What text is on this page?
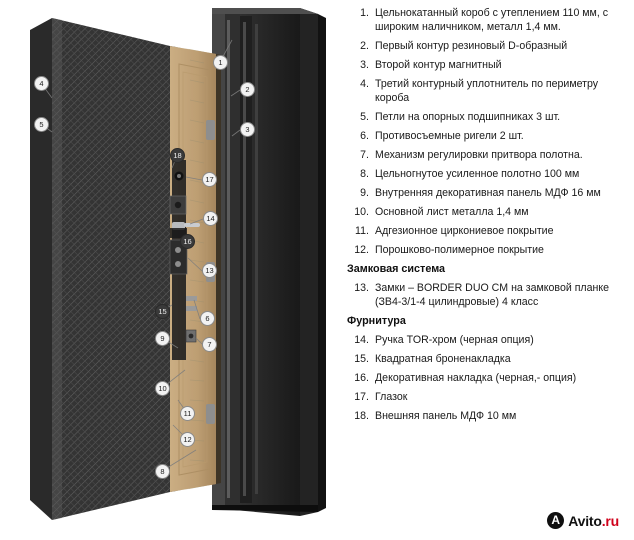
4
5
1
2
3
18
17
14
16
13
15
6
9
7
10
11
12
8
1. Цельнокатанный короб с утеплением 110 мм, с широким наличником, металл 1,4 мм.
2. Первый контур резиновый D-образный
3. Второй контур магнитный
4. Третий контурный уплотнитель по периметру короба
5. Петли на опорных подшипниках 3 шт.
6. Противосъемные ригели 2 шт.
7. Механизм регулировки притвора полотна.
8. Цельногнутое усиленное полотно 100 мм
9. Внутренняя декоративная панель МДФ 16 мм
10. Основной лист металла 1,4 мм
11. Адгезионное циркониевое покрытие
12. Порошково-полимерное покрытие
Замковая система
13. Замки – BORDER DUO CM на замковой планке (ЗВ4-3/1-4 цилиндровые) 4 класс
Фурнитура
14. Ручка TOR-хром (черная опция)
15. Квадратная бронeнакладка
16. Декоративная накладка (черная,- опция)
17. Глазок
18. Внешняя панель МДФ 10 мм
A Avito.ru
